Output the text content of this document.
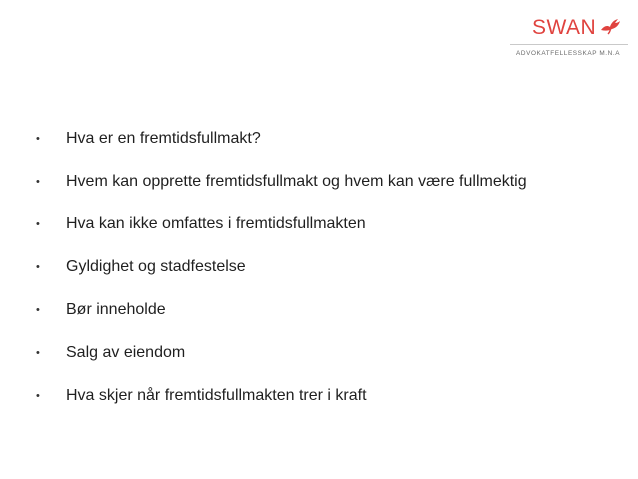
SWAN
ADVOKATFELLESSKAP M.N.A
• Hva er en fremtidsfullmakt?
• Hvem kan opprette fremtidsfullmakt og hvem kan være fullmektig
• Hva kan ikke omfattes i fremtidsfullmakten
• Gyldighet og stadfestelse
• Bør inneholde
• Salg av eiendom
• Hva skjer når fremtidsfullmakten trer i kraft
